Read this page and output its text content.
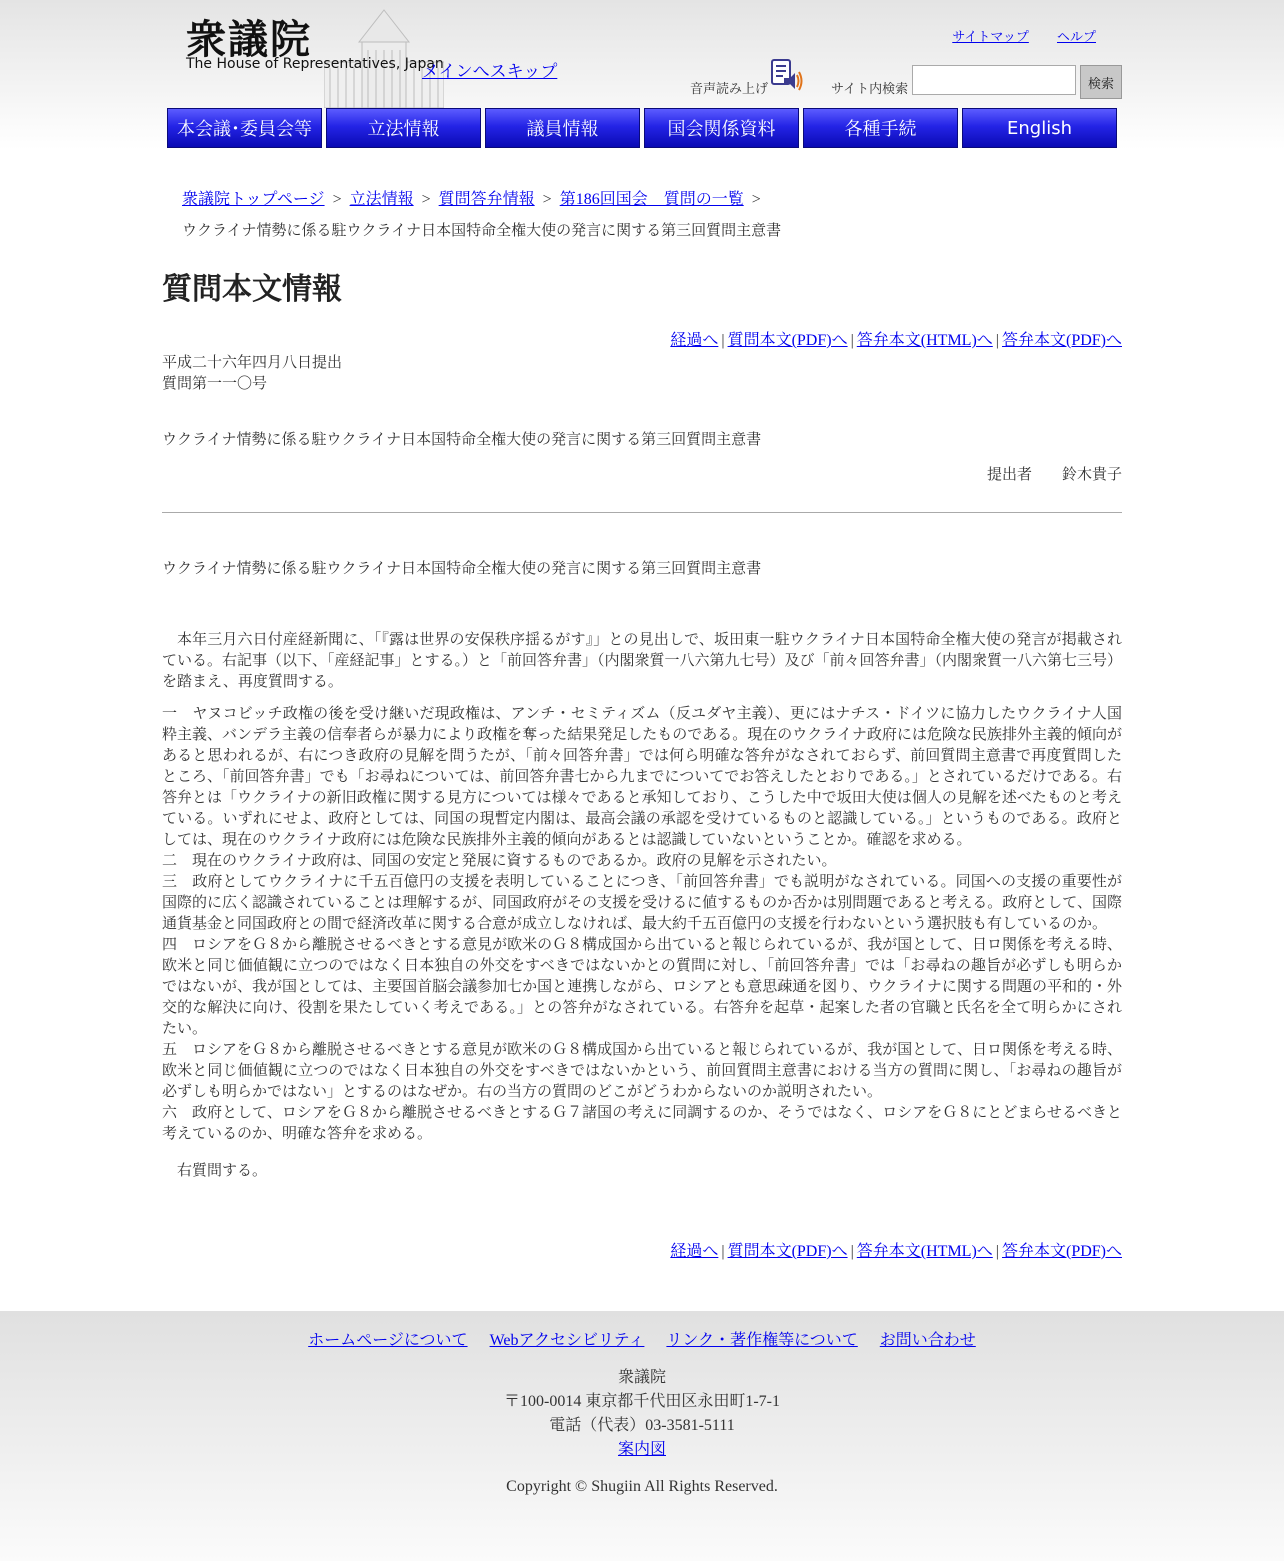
衆議院
The House of Representatives, Japan
メインへスキップ
サイトマップ ヘルプ
音声読み上げ	サイト内検索	検索
本会議･委員会等	立法情報	議員情報	国会関係資料	各種手続	English
衆議院トップページ > 立法情報 > 質問答弁情報 > 第186回国会　質問の一覧 >
ウクライナ情勢に係る駐ウクライナ日本国特命全権大使の発言に関する第三回質問主意書
質問本文情報
経過へ | 質問本文(PDF)へ | 答弁本文(HTML)へ | 答弁本文(PDF)へ
平成二十六年四月八日提出
質問第一一〇号
ウクライナ情勢に係る駐ウクライナ日本国特命全権大使の発言に関する第三回質問主意書
提出者　　鈴木貴子
ウクライナ情勢に係る駐ウクライナ日本国特命全権大使の発言に関する第三回質問主意書
本年三月六日付産経新聞に、「『露は世界の安保秩序揺るがす』」との見出しで、坂田東一駐ウクライナ日本国特命全権大使の発言が掲載されている。右記事（以下、「産経記事」とする。）と「前回答弁書」（内閣衆質一八六第九七号）及び「前々回答弁書」（内閣衆質一八六第七三号）を踏まえ、再度質問する。
一　ヤヌコビッチ政権の後を受け継いだ現政権は、アンチ・セミティズム（反ユダヤ主義）、更にはナチス・ドイツに協力したウクライナ人国粋主義、バンデラ主義の信奉者らが暴力により政権を奪った結果発足したものである。現在のウクライナ政府には危険な民族排外主義的傾向があると思われるが、右につき政府の見解を問うたが、「前々回答弁書」では何ら明確な答弁がなされておらず、前回質問主意書で再度質問したところ、「前回答弁書」でも「お尋ねについては、前回答弁書七から九までについてでお答えしたとおりである。」とされているだけである。右答弁とは「ウクライナの新旧政権に関する見方については様々であると承知しており、こうした中で坂田大使は個人の見解を述べたものと考えている。いずれにせよ、政府としては、同国の現暫定内閣は、最高会議の承認を受けているものと認識している。」というものである。政府としては、現在のウクライナ政府には危険な民族排外主義的傾向があるとは認識していないということか。確認を求める。
二　現在のウクライナ政府は、同国の安定と発展に資するものであるか。政府の見解を示されたい。
三　政府としてウクライナに千五百億円の支援を表明していることにつき、「前回答弁書」でも説明がなされている。同国への支援の重要性が国際的に広く認識されていることは理解するが、同国政府がその支援を受けるに値するものか否かは別問題であると考える。政府として、国際通貨基金と同国政府との間で経済改革に関する合意が成立しなければ、最大約千五百億円の支援を行わないという選択肢も有しているのか。
四　ロシアをＧ８から離脱させるべきとする意見が欧米のＧ８構成国から出ていると報じられているが、我が国として、日ロ関係を考える時、欧米と同じ価値観に立つのではなく日本独自の外交をすべきではないかとの質問に対し、「前回答弁書」では「お尋ねの趣旨が必ずしも明らかではないが、我が国としては、主要国首脳会議参加七か国と連携しながら、ロシアとも意思疎通を図り、ウクライナに関する問題の平和的・外交的な解決に向け、役割を果たしていく考えである。」との答弁がなされている。右答弁を起草・起案した者の官職と氏名を全て明らかにされたい。
五　ロシアをＧ８から離脱させるべきとする意見が欧米のＧ８構成国から出ていると報じられているが、我が国として、日ロ関係を考える時、欧米と同じ価値観に立つのではなく日本独自の外交をすべきではないかという、前回質問主意書における当方の質問に関し、「お尋ねの趣旨が必ずしも明らかではない」とするのはなぜか。右の当方の質問のどこがどうわからないのか説明されたい。
六　政府として、ロシアをＧ８から離脱させるべきとするＧ７諸国の考えに同調するのか、そうではなく、ロシアをＧ８にとどまらせるべきと考えているのか、明確な答弁を求める。
右質問する。
経過へ | 質問本文(PDF)へ | 答弁本文(HTML)へ | 答弁本文(PDF)へ
ホームページについて Webアクセシビリティ リンク・著作権等について お問い合わせ
衆議院
〒100-0014 東京都千代田区永田町1-7-1
電話（代表）03-3581-5111
案内図
Copyright © Shugiin All Rights Reserved.
